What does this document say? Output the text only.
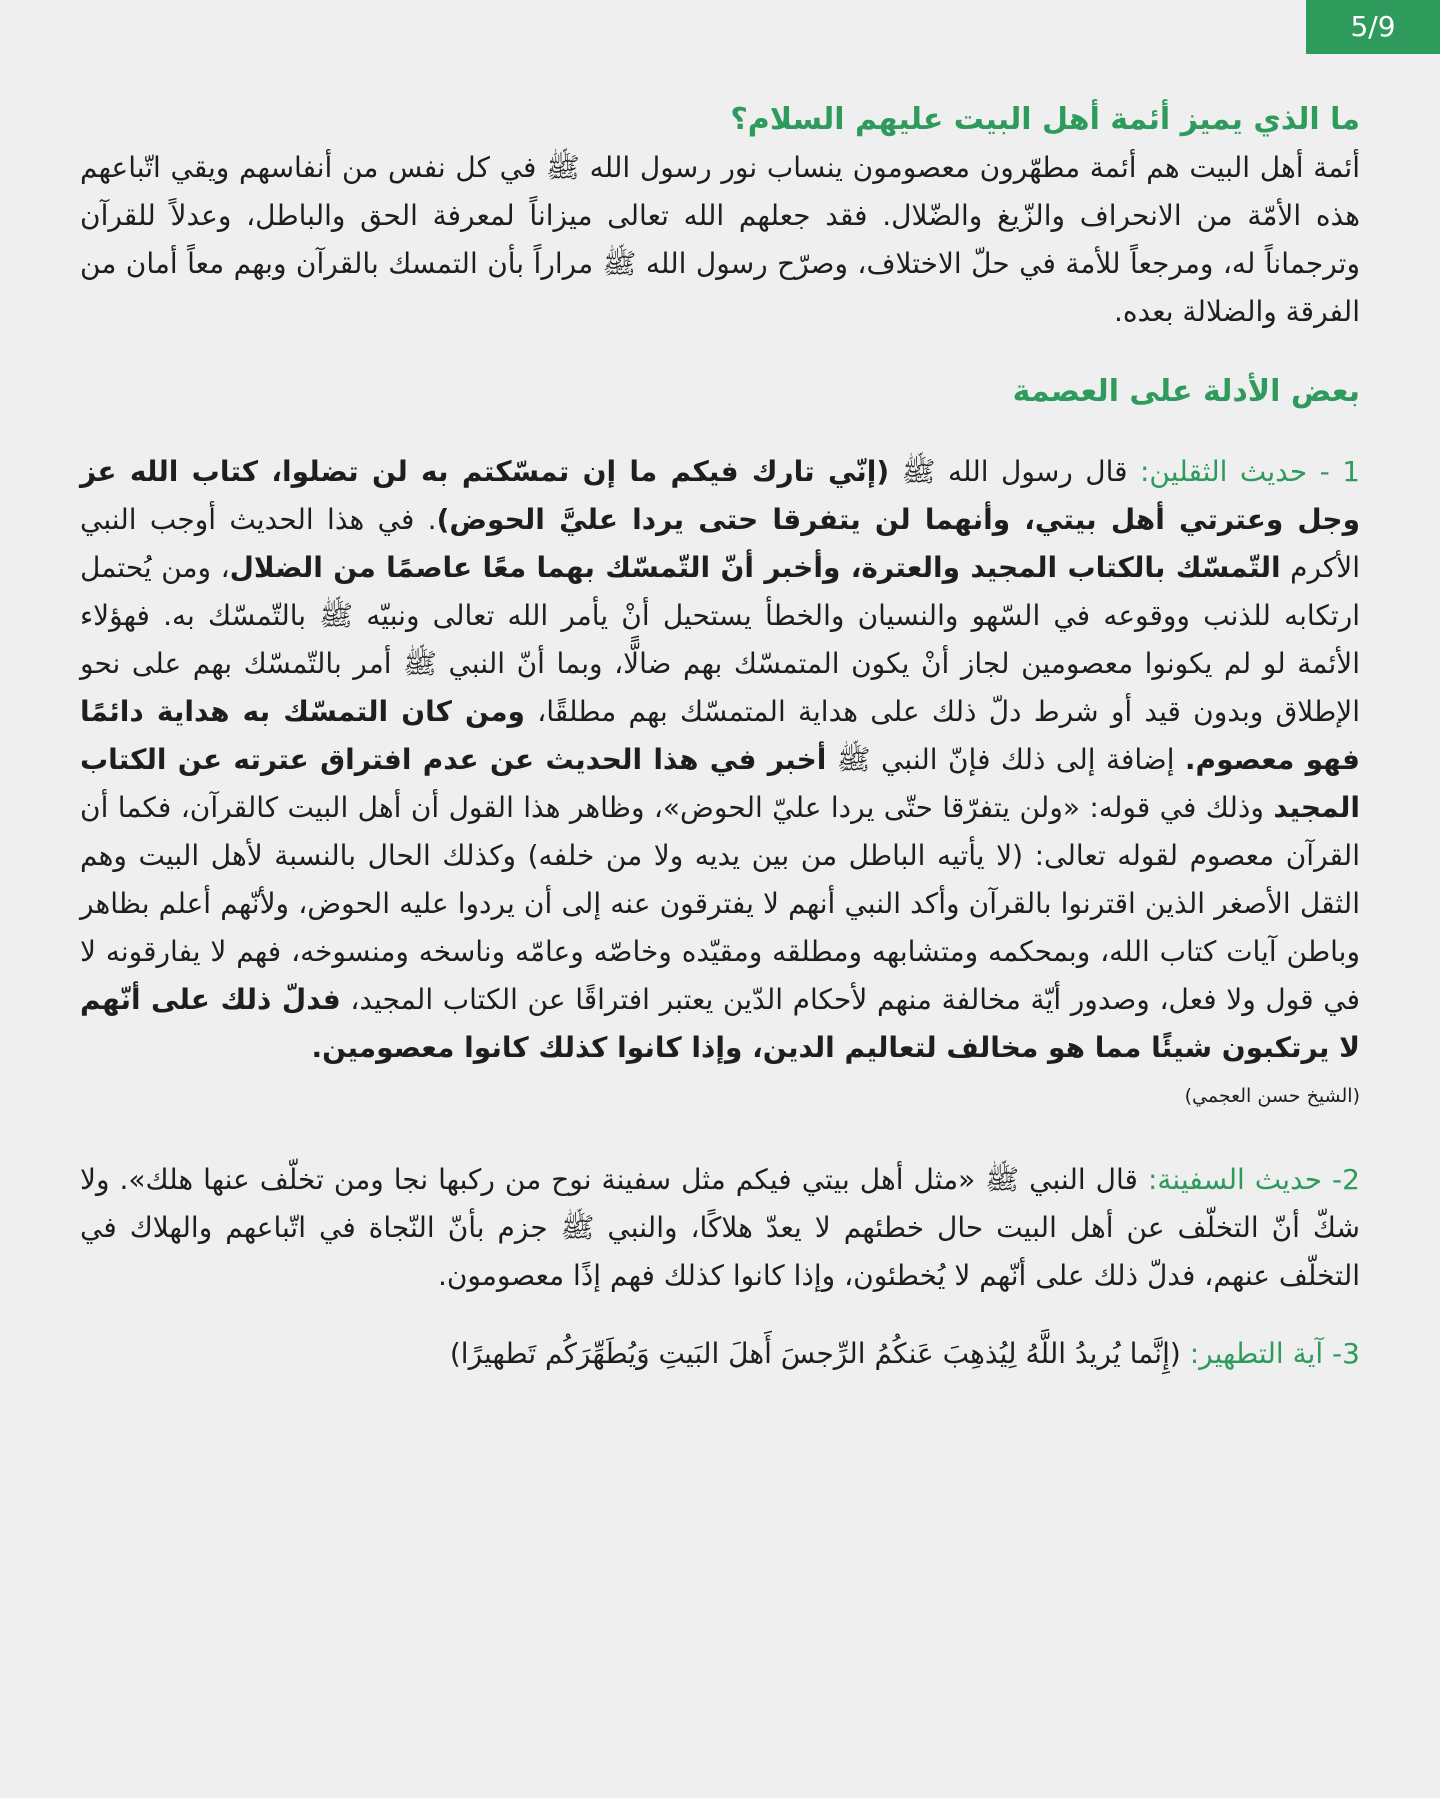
5/9
ما الذي يميز أئمة أهل البيت عليهم السلام؟

أئمة أهل البيت هم أئمة مطهّرون معصومون ينساب نور رسول الله ﷺ في كل نفس من أنفاسهم ويقي اتّباعهم هذه الأمّة من الانحراف والزّيغ والضّلال. فقد جعلهم الله تعالى ميزاناً لمعرفة الحق والباطل، وعدلاً للقرآن وترجماناً له، ومرجعاً للأمة في حلّ الاختلاف، وصرّح رسول الله ﷺ مراراً بأن التمسك بالقرآن وبهم معاً أمان من الفرقة والضلالة بعده.

بعض الأدلة على العصمة

1 - حديث الثقلين: قال رسول الله ﷺ (إنّي تارك فيكم ما إن تمسّكتم به لن تضلوا، كتاب الله عز وجل وعترتي أهل بيتي، وأنهما لن يتفرقا حتى يردا عليَّ الحوض). في هذا الحديث أوجب النبي الأكرم التّمسّك بالكتاب المجيد والعترة، وأخبر أنّ التّمسّك بهما معًا عاصمًا من الضلال، ومن يُحتمل ارتكابه للذنب ووقوعه في السّهو والنسيان والخطأ يستحيل أنْ يأمر الله تعالى ونبيّه ﷺ بالتّمسّك به. فهؤلاء الأئمة لو لم يكونوا معصومين لجاز أنْ يكون المتمسّك بهم ضالًّا، وبما أنّ النبي ﷺ أمر بالتّمسّك بهم على نحو الإطلاق وبدون قيد أو شرط دلّ ذلك على هداية المتمسّك بهم مطلقًا، ومن كان التمسّك به هداية دائمًا فهو معصوم. إضافة إلى ذلك فإنّ النبي ﷺ أخبر في هذا الحديث عن عدم افتراق عترته عن الكتاب المجيد وذلك في قوله: «ولن يتفرّقا حتّى يردا عليّ الحوض»، وظاهر هذا القول أن أهل البيت كالقرآن، فكما أن القرآن معصوم لقوله تعالى: (لا يأتيه الباطل من بين يديه ولا من خلفه) وكذلك الحال بالنسبة لأهل البيت وهم الثقل الأصغر الذين اقترنوا بالقرآن وأكد النبي أنهم لا يفترقون عنه إلى أن يردوا عليه الحوض، ولأنّهم أعلم بظاهر وباطن آيات كتاب الله، وبمحكمه ومتشابهه ومطلقه ومقيّده وخاصّه وعامّه وناسخه ومنسوخه، فهم لا يفارقونه لا في قول ولا فعل، وصدور أيّة مخالفة منهم لأحكام الدّين يعتبر افتراقًا عن الكتاب المجيد، فدلّ ذلك على أنّهم لا يرتكبون شيئًا مما هو مخالف لتعاليم الدين، وإذا كانوا كذلك كانوا معصومين.

(الشيخ حسن العجمي)

2- حديث السفينة: قال النبي ﷺ «مثل أهل بيتي فيكم مثل سفينة نوح من ركبها نجا ومن تخلّف عنها هلك». ولا شكّ أنّ التخلّف عن أهل البيت حال خطئهم لا يعدّ هلاكًا، والنبي ﷺ جزم بأنّ النّجاة في اتّباعهم والهلاك في التخلّف عنهم، فدلّ ذلك على أنّهم لا يُخطئون، وإذا كانوا كذلك فهم إذًا معصومون.

3- آية التطهير: (إِنَّما يُريدُ اللَّهُ لِيُذهِبَ عَنكُمُ الرِّجسَ أَهلَ البَيتِ وَيُطَهِّرَكُم تَطهيرًا)
